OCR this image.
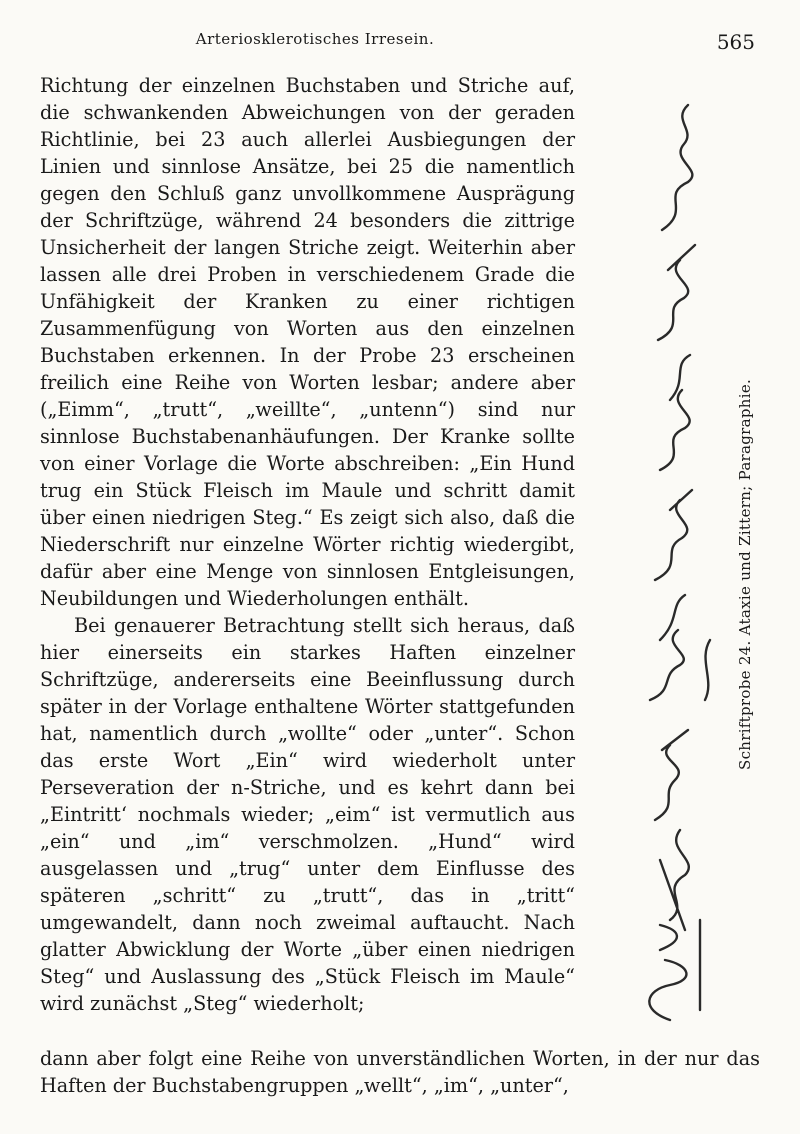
Arteriosklerotisches Irresein.	565

Richtung der einzelnen Buchstaben und Striche auf, die schwankenden Abweichungen von der geraden Richtlinie, bei 23 auch allerlei Ausbiegungen der Linien und sinnlose Ansätze, bei 25 die namentlich gegen den Schluß ganz unvollkommene Ausprägung der Schriftzüge, während 24 besonders die zittrige Unsicherheit der langen Striche zeigt. Weiterhin aber lassen alle drei Proben in verschiedenem Grade die Unfähigkeit der Kranken zu einer richtigen Zusammenfügung von Worten aus den einzelnen Buchstaben erkennen. In der Probe 23 erscheinen freilich eine Reihe von Worten lesbar; andere aber („Eimm“, „trutt“, „weillte“, „untenn“) sind nur sinnlose Buchstabenanhäufungen. Der Kranke sollte von einer Vorlage die Worte abschreiben: „Ein Hund trug ein Stück Fleisch im Maule und schritt damit über einen niedrigen Steg.“ Es zeigt sich also, daß die Niederschrift nur einzelne Wörter richtig wiedergibt, dafür aber eine Menge von sinnlosen Entgleisungen, Neubildungen und Wiederholungen enthält.

Bei genauerer Betrachtung stellt sich heraus, daß hier einerseits ein starkes Haften einzelner Schriftzüge, andererseits eine Beeinflussung durch später in der Vorlage enthaltene Wörter stattgefunden hat, namentlich durch „wollte“ oder „unter“. Schon das erste Wort „Ein“ wird wiederholt unter Perseveration der n-Striche, und es kehrt dann bei „Eintritt‘ nochmals wieder; „eim“ ist vermutlich aus „ein“ und „im“ verschmolzen. „Hund“ wird ausgelassen und „trug“ unter dem Einflusse des späteren „schritt“ zu „trutt“, das in „tritt“ umgewandelt, dann noch zweimal auftaucht. Nach glatter Abwicklung der Worte „über einen niedrigen Steg“ und Auslassung des „Stück Fleisch im Maule“ wird zunächst „Steg“ wiederholt;

dann aber folgt eine Reihe von unverständlichen Worten, in der nur das Haften der Buchstabengruppen „wellt“, „im“, „unter“,

Schriftprobe 24. Ataxie und Zittern; Paragraphie.
